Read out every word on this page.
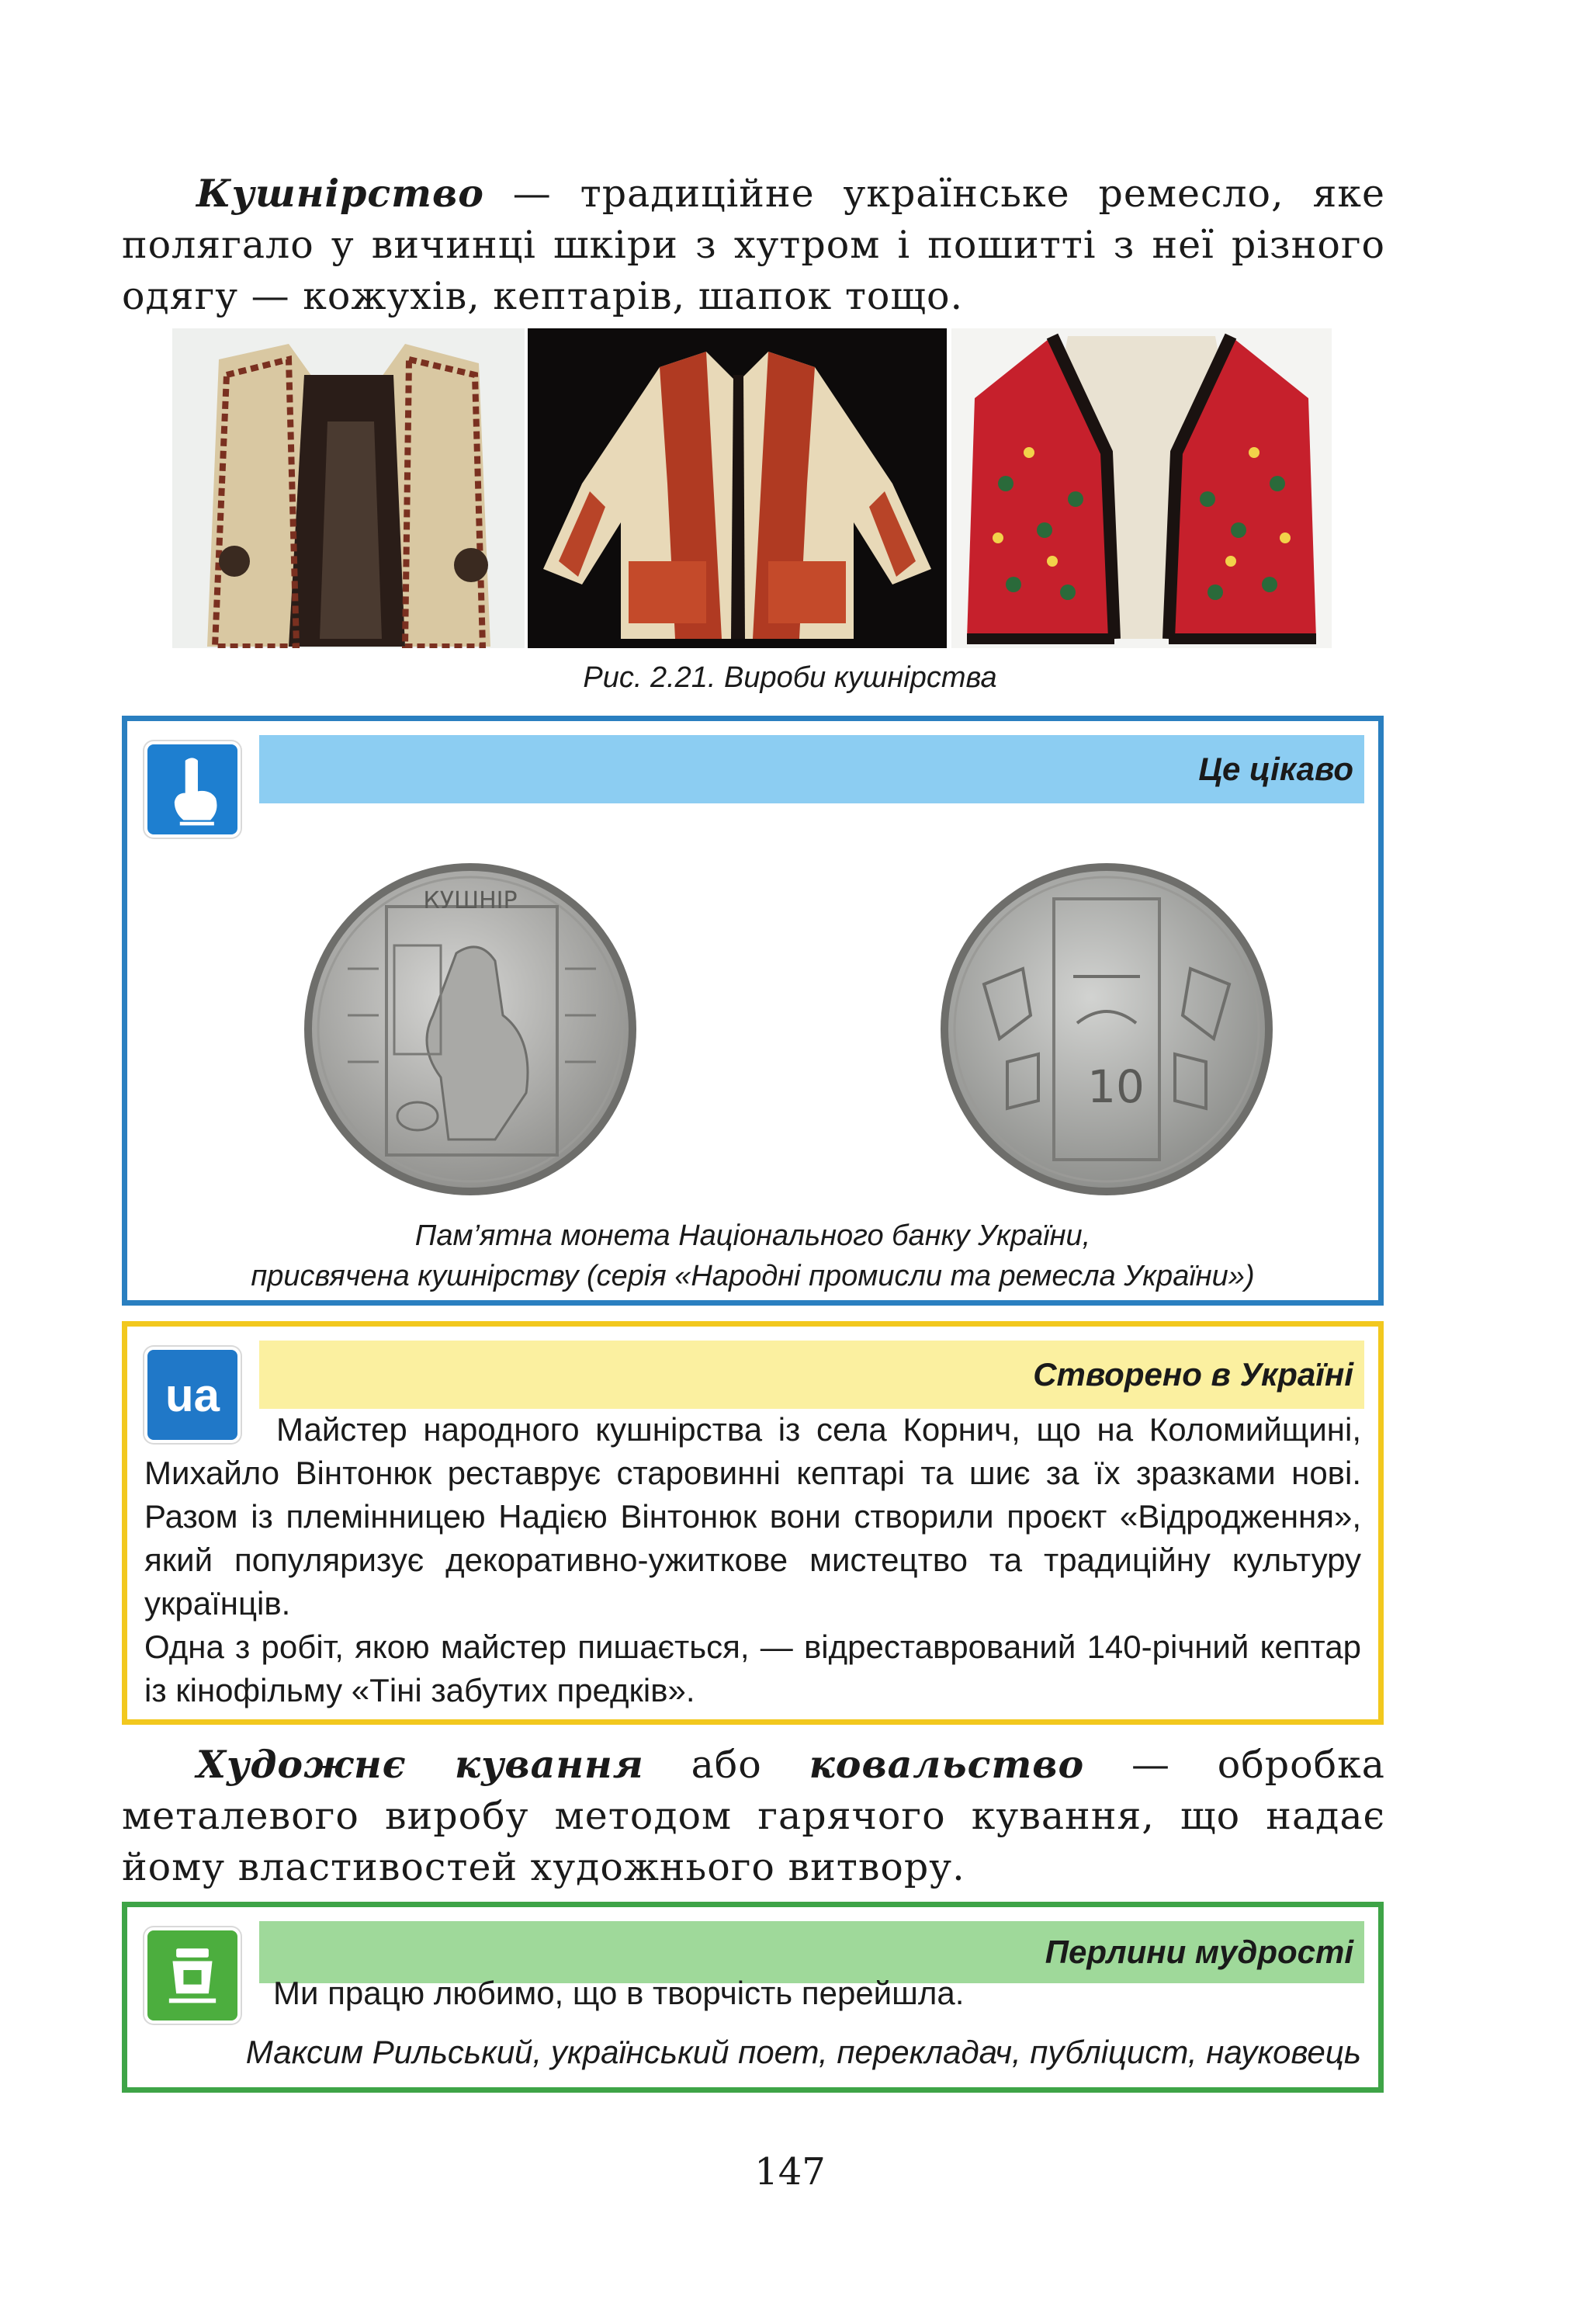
Кушнірство — традиційне українське ремесло, яке полягало у вичинці шкіри з хутром і пошитті з неї різного одягу — кожухів, кептарів, шапок тощо.
Рис. 2.21. Вироби кушнірства
Це цікаво
КУШНІР
10
Пам’ятна монета Національного банку України,
присвячена кушнірству (серія «Народні промисли та ремесла України»)
Створено в Україні
ua

Майстер народного кушнірства із села Корнич, що на Коломийщині, Михайло Вінтонюк реставрує старовинні кептарі та шиє за їх зразками нові. Разом із племінницею Надією Вінтонюк вони створили проєкт «Відродження», який популяризує декоративно-ужиткове мистецтво та традиційну культуру українців.

Одна з робіт, якою майстер пишається, — відреставрований 140-річний кептар із кінофільму «Тіні забутих предків».

Художнє кування або ковальство — обробка металевого виробу методом гарячого кування, що надає йому властивостей художнього витвору.
Перлини мудрості
Ми працю любимо, що в творчість перейшла.
Максим Рильський, український поет, перекладач, публіцист, науковець
147
